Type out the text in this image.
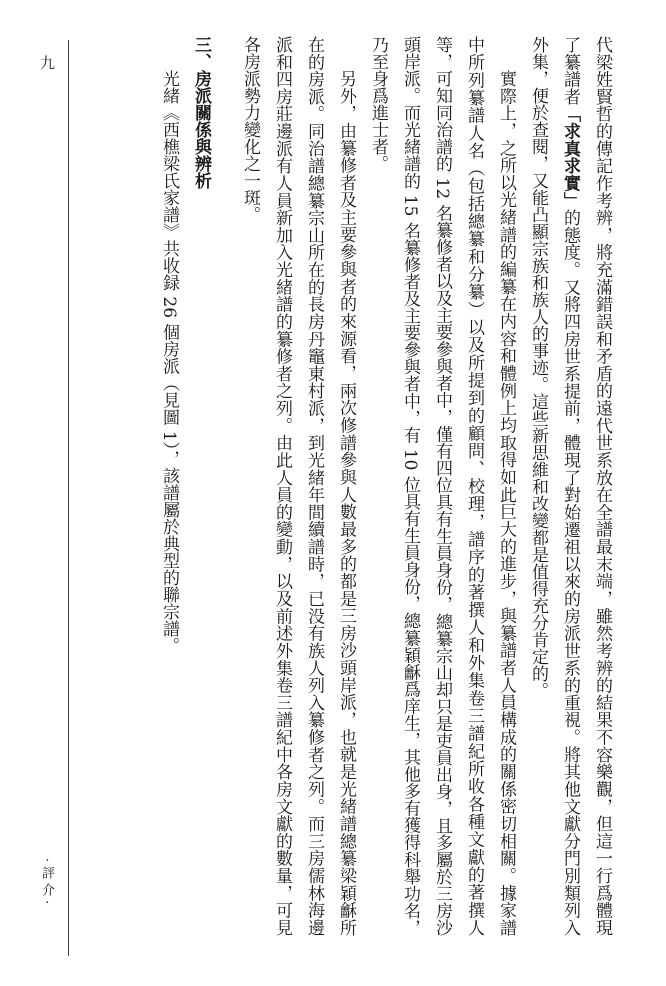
九
·評介·	代梁姓賢哲的傳記作考辨，將充滿錯誤和矛盾的遠代世系放在全譜最末端，雖然考辨的結果不容樂觀，但這一行爲體現了纂譜者「求真求實」的態度。又將四房世系提前，體現了對始遷祖以來的房派世系的重視。將其他文獻分門別類列入外集，便於查閱，又能凸顯宗族和族人的事迹。這些新思維和改變都是值得充分肯定的。

實際上，之所以光緒譜的編纂在内容和體例上均取得如此巨大的進步，與纂譜者人員構成的關係密切相關。據家譜中所列纂譜人名（包括總纂和分纂）以及所提到的顧問、校理，譜序的著撰人和外集卷三譜紀所收各種文獻的著撰人等，可知同治譜的 12 名纂修者以及主要參與者中，僅有四位具有生員身份，總纂宗山却只是吏員出身，且多屬於三房沙頭岸派。而光緒譜的 15 名纂修者及主要參與者中，有 10 位具有生員身份，總纂穎龢爲庠生，其他多有獲得科舉功名，乃至身爲進士者。

另外，由纂修者及主要參與者的來源看，兩次修譜參與人數最多的都是三房沙頭岸派，也就是光緒譜總纂梁穎龢所在的房派。同治譜總纂宗山所在的長房丹竈東村派，到光緒年間續譜時，已没有族人列入纂修者之列。而三房儒林海邊派和四房莊邊派有人員新加入光緒譜的纂修者之列。由此人員的變動，以及前述外集卷三譜紀中各房文獻的數量，可見各房派勢力變化之一斑。

三、房派關係與辨析

光緒《西樵梁氏家譜》共收録 26 個房派（見圖 1），該譜屬於典型的聯宗譜。
